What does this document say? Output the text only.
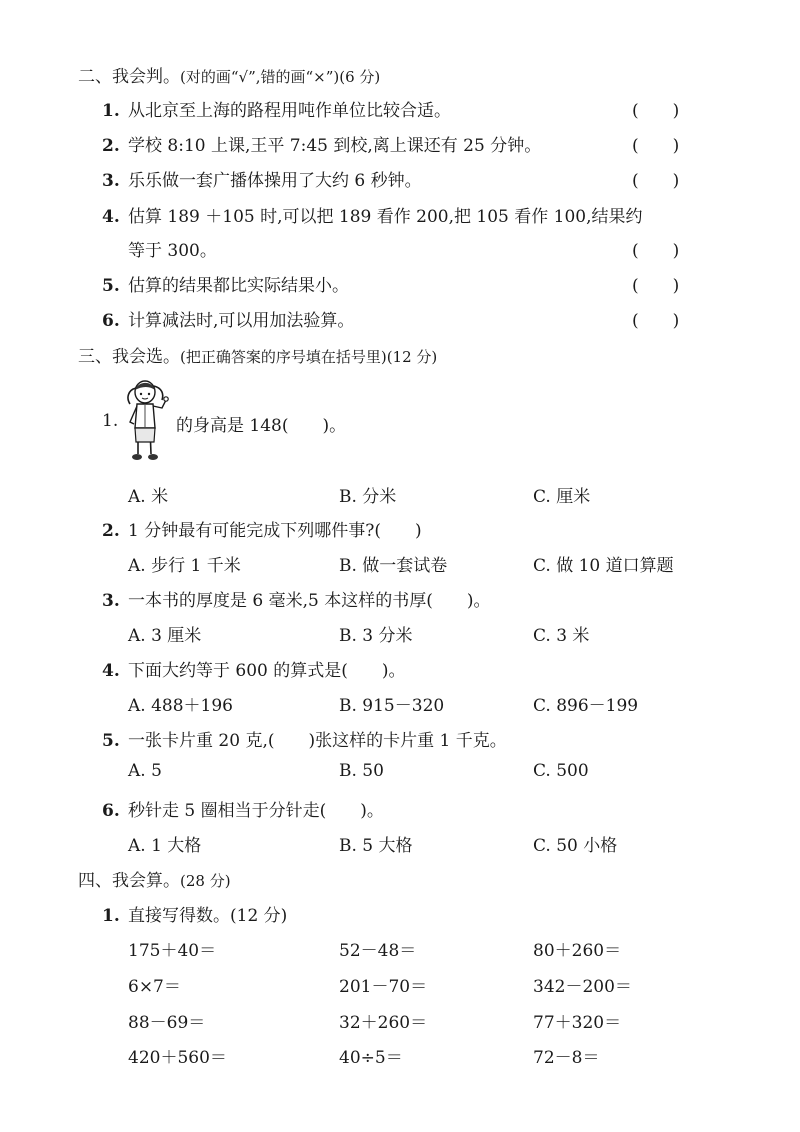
二、我会判。(对的画“√”,错的画“×”)(6 分)
1. 从北京至上海的路程用吨作单位比较合适。	(　　)
2. 学校 8:10 上课,王平 7:45 到校,离上课还有 25 分钟。	(　　)
3. 乐乐做一套广播体操用了大约 6 秒钟。	(　　)
4. 估算 189 ＋105 时,可以把 189 看作 200,把 105 看作 100,结果约
等于 300。	(　　)
5. 估算的结果都比实际结果小。	(　　)
6. 计算减法时,可以用加法验算。	(　　)
三、我会选。(把正确答案的序号填在括号里)(12 分)
1.	的身高是 148(　　)。
A. 米	B. 分米	C. 厘米
2. 1 分钟最有可能完成下列哪件事?(　　)
A. 步行 1 千米	B. 做一套试卷	C. 做 10 道口算题
3. 一本书的厚度是 6 毫米,5 本这样的书厚(　　)。
A. 3 厘米	B. 3 分米	C. 3 米
4. 下面大约等于 600 的算式是(　　)。
A. 488＋196	B. 915－320	C. 896－199
5. 一张卡片重 20 克,(　　)张这样的卡片重 1 千克。
A. 5	B. 50	C. 500
6. 秒针走 5 圈相当于分针走(　　)。
A. 1 大格	B. 5 大格	C. 50 小格
四、我会算。(28 分)
1. 直接写得数。(12 分)
175＋40＝	52－48＝	80＋260＝
6×7＝	201－70＝	342－200＝
88－69＝	32＋260＝	77＋320＝
420＋560＝	40÷5＝	72－8＝
